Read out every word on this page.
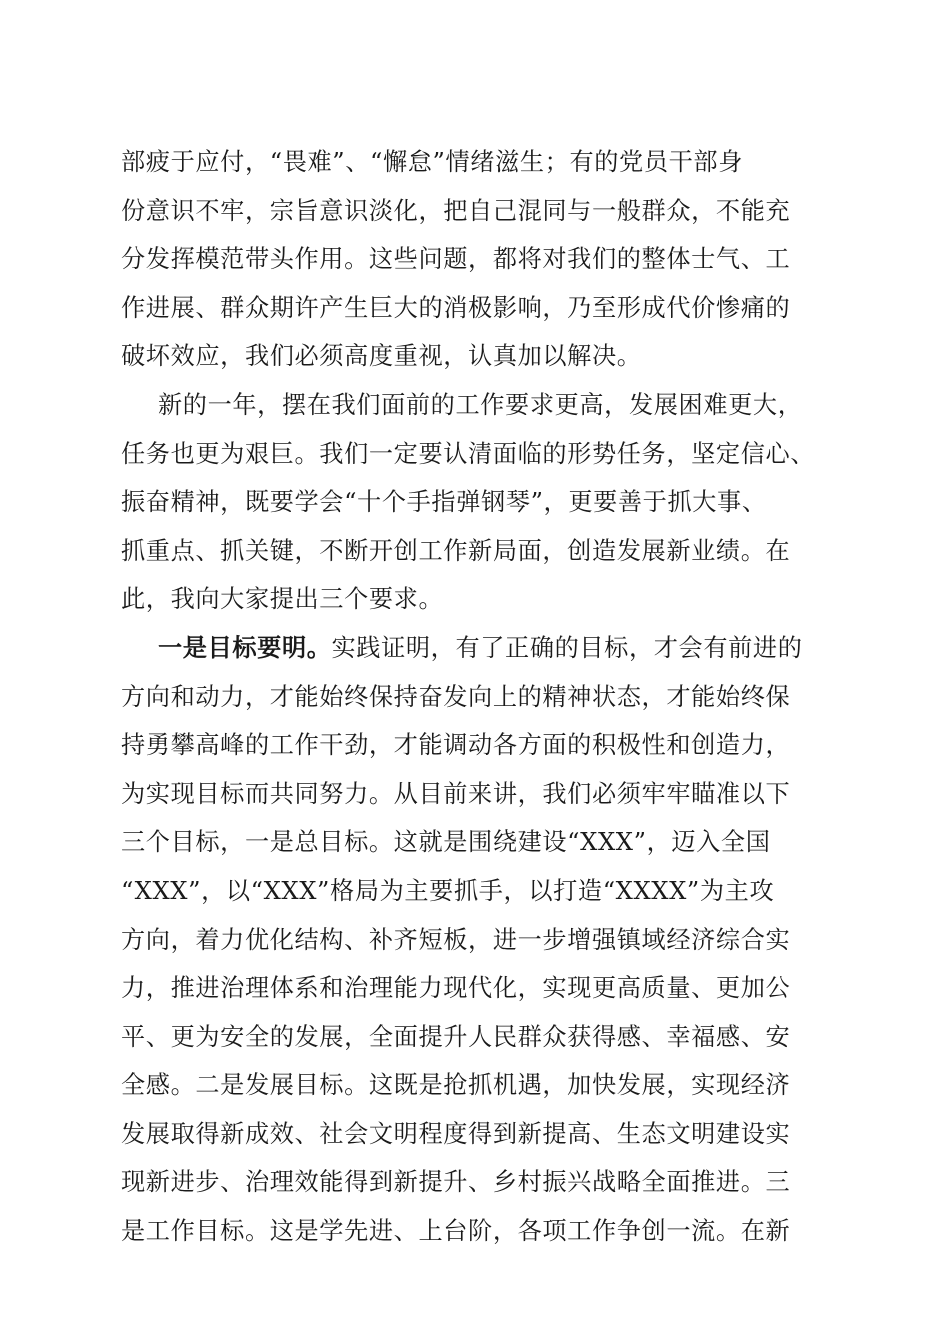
部疲于应付，“畏难”、“懈怠”情绪滋生；有的党员干部身
份意识不牢，宗旨意识淡化，把自己混同与一般群众，不能充
分发挥模范带头作用。这些问题，都将对我们的整体士气、工
作进展、群众期许产生巨大的消极影响，乃至形成代价惨痛的
破坏效应，我们必须高度重视，认真加以解决。
新的一年，摆在我们面前的工作要求更高，发展困难更大，
任务也更为艰巨。我们一定要认清面临的形势任务，坚定信心、
振奋精神，既要学会“十个手指弹钢琴”，更要善于抓大事、
抓重点、抓关键，不断开创工作新局面，创造发展新业绩。在
此，我向大家提出三个要求。
一是目标要明。实践证明，有了正确的目标，才会有前进的
方向和动力，才能始终保持奋发向上的精神状态，才能始终保
持勇攀高峰的工作干劲，才能调动各方面的积极性和创造力，
为实现目标而共同努力。从目前来讲，我们必须牢牢瞄准以下
三个目标，一是总目标。这就是围绕建设“XXX”，迈入全国
“XXX”，以“XXX”格局为主要抓手，以打造“XXXX”为主攻
方向，着力优化结构、补齐短板，进一步增强镇域经济综合实
力，推进治理体系和治理能力现代化，实现更高质量、更加公
平、更为安全的发展，全面提升人民群众获得感、幸福感、安
全感。二是发展目标。这既是抢抓机遇，加快发展，实现经济
发展取得新成效、社会文明程度得到新提高、生态文明建设实
现新进步、治理效能得到新提升、乡村振兴战略全面推进。三
是工作目标。这是学先进、上台阶，各项工作争创一流。在新
